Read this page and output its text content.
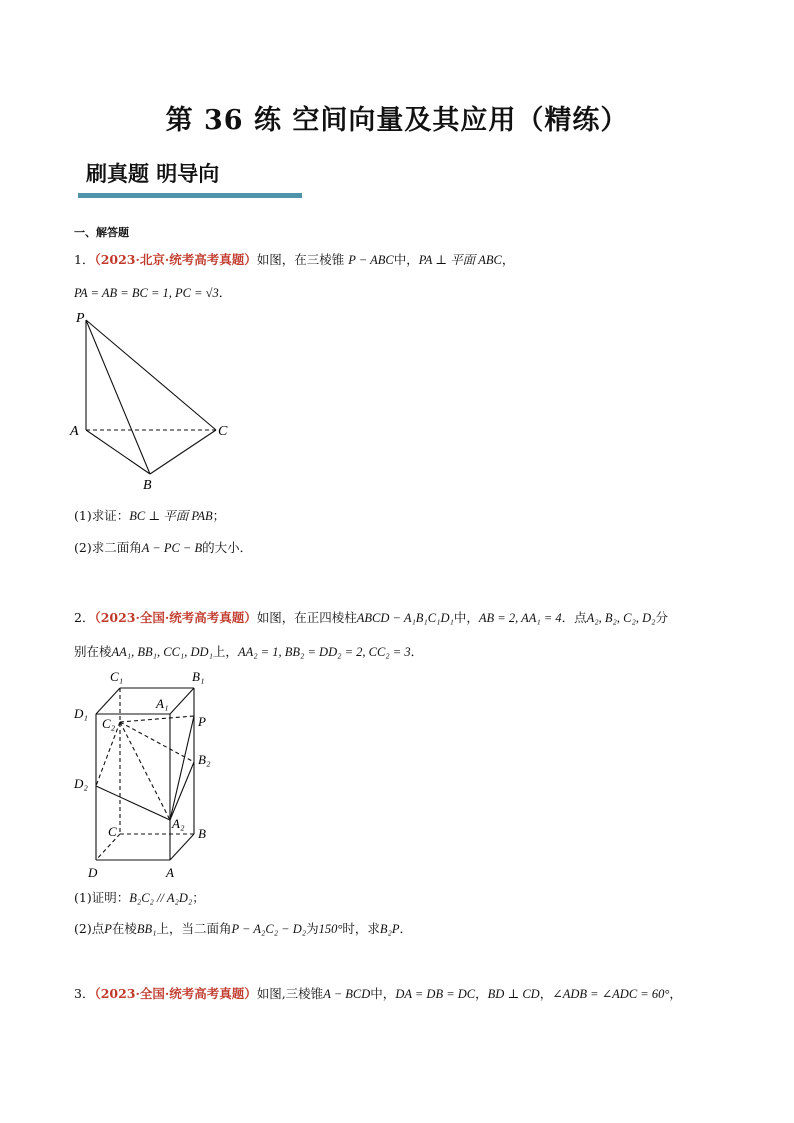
第 36 练 空间向量及其应用（精练）
刷真题 明导向
一、解答题
1．（2023·北京·统考高考真题）如图，在三棱锥 P − ABC中，PA ⊥ 平面 ABC，
PA = AB = BC = 1, PC = √3．
P
A	C
B
(1)求证：BC ⊥ 平面 PAB；
(2)求二面角A − PC − B的大小．
2．（2023·全国·统考高考真题）如图，在正四棱柱ABCD − A₁B₁C₁D₁中，AB = 2, AA₁ = 4．点A₂, B₂, C₂, D₂分
别在棱AA₁, BB₁, CC₁, DD₁上，AA₂ = 1, BB₂ = DD₂ = 2, CC₂ = 3．
C₁	B₁
A₁
D₁
C₂	P
B₂
D₂
A₂
C	B
D	A
(1)证明：B₂C₂ // A₂D₂；
(2)点P在棱BB₁上，当二面角P − A₂C₂ − D₂为150°时，求B₂P．
3．（2023·全国·统考高考真题）如图,三棱锥A − BCD中，DA = DB = DC，BD ⊥ CD，∠ADB = ∠ADC = 60°，
